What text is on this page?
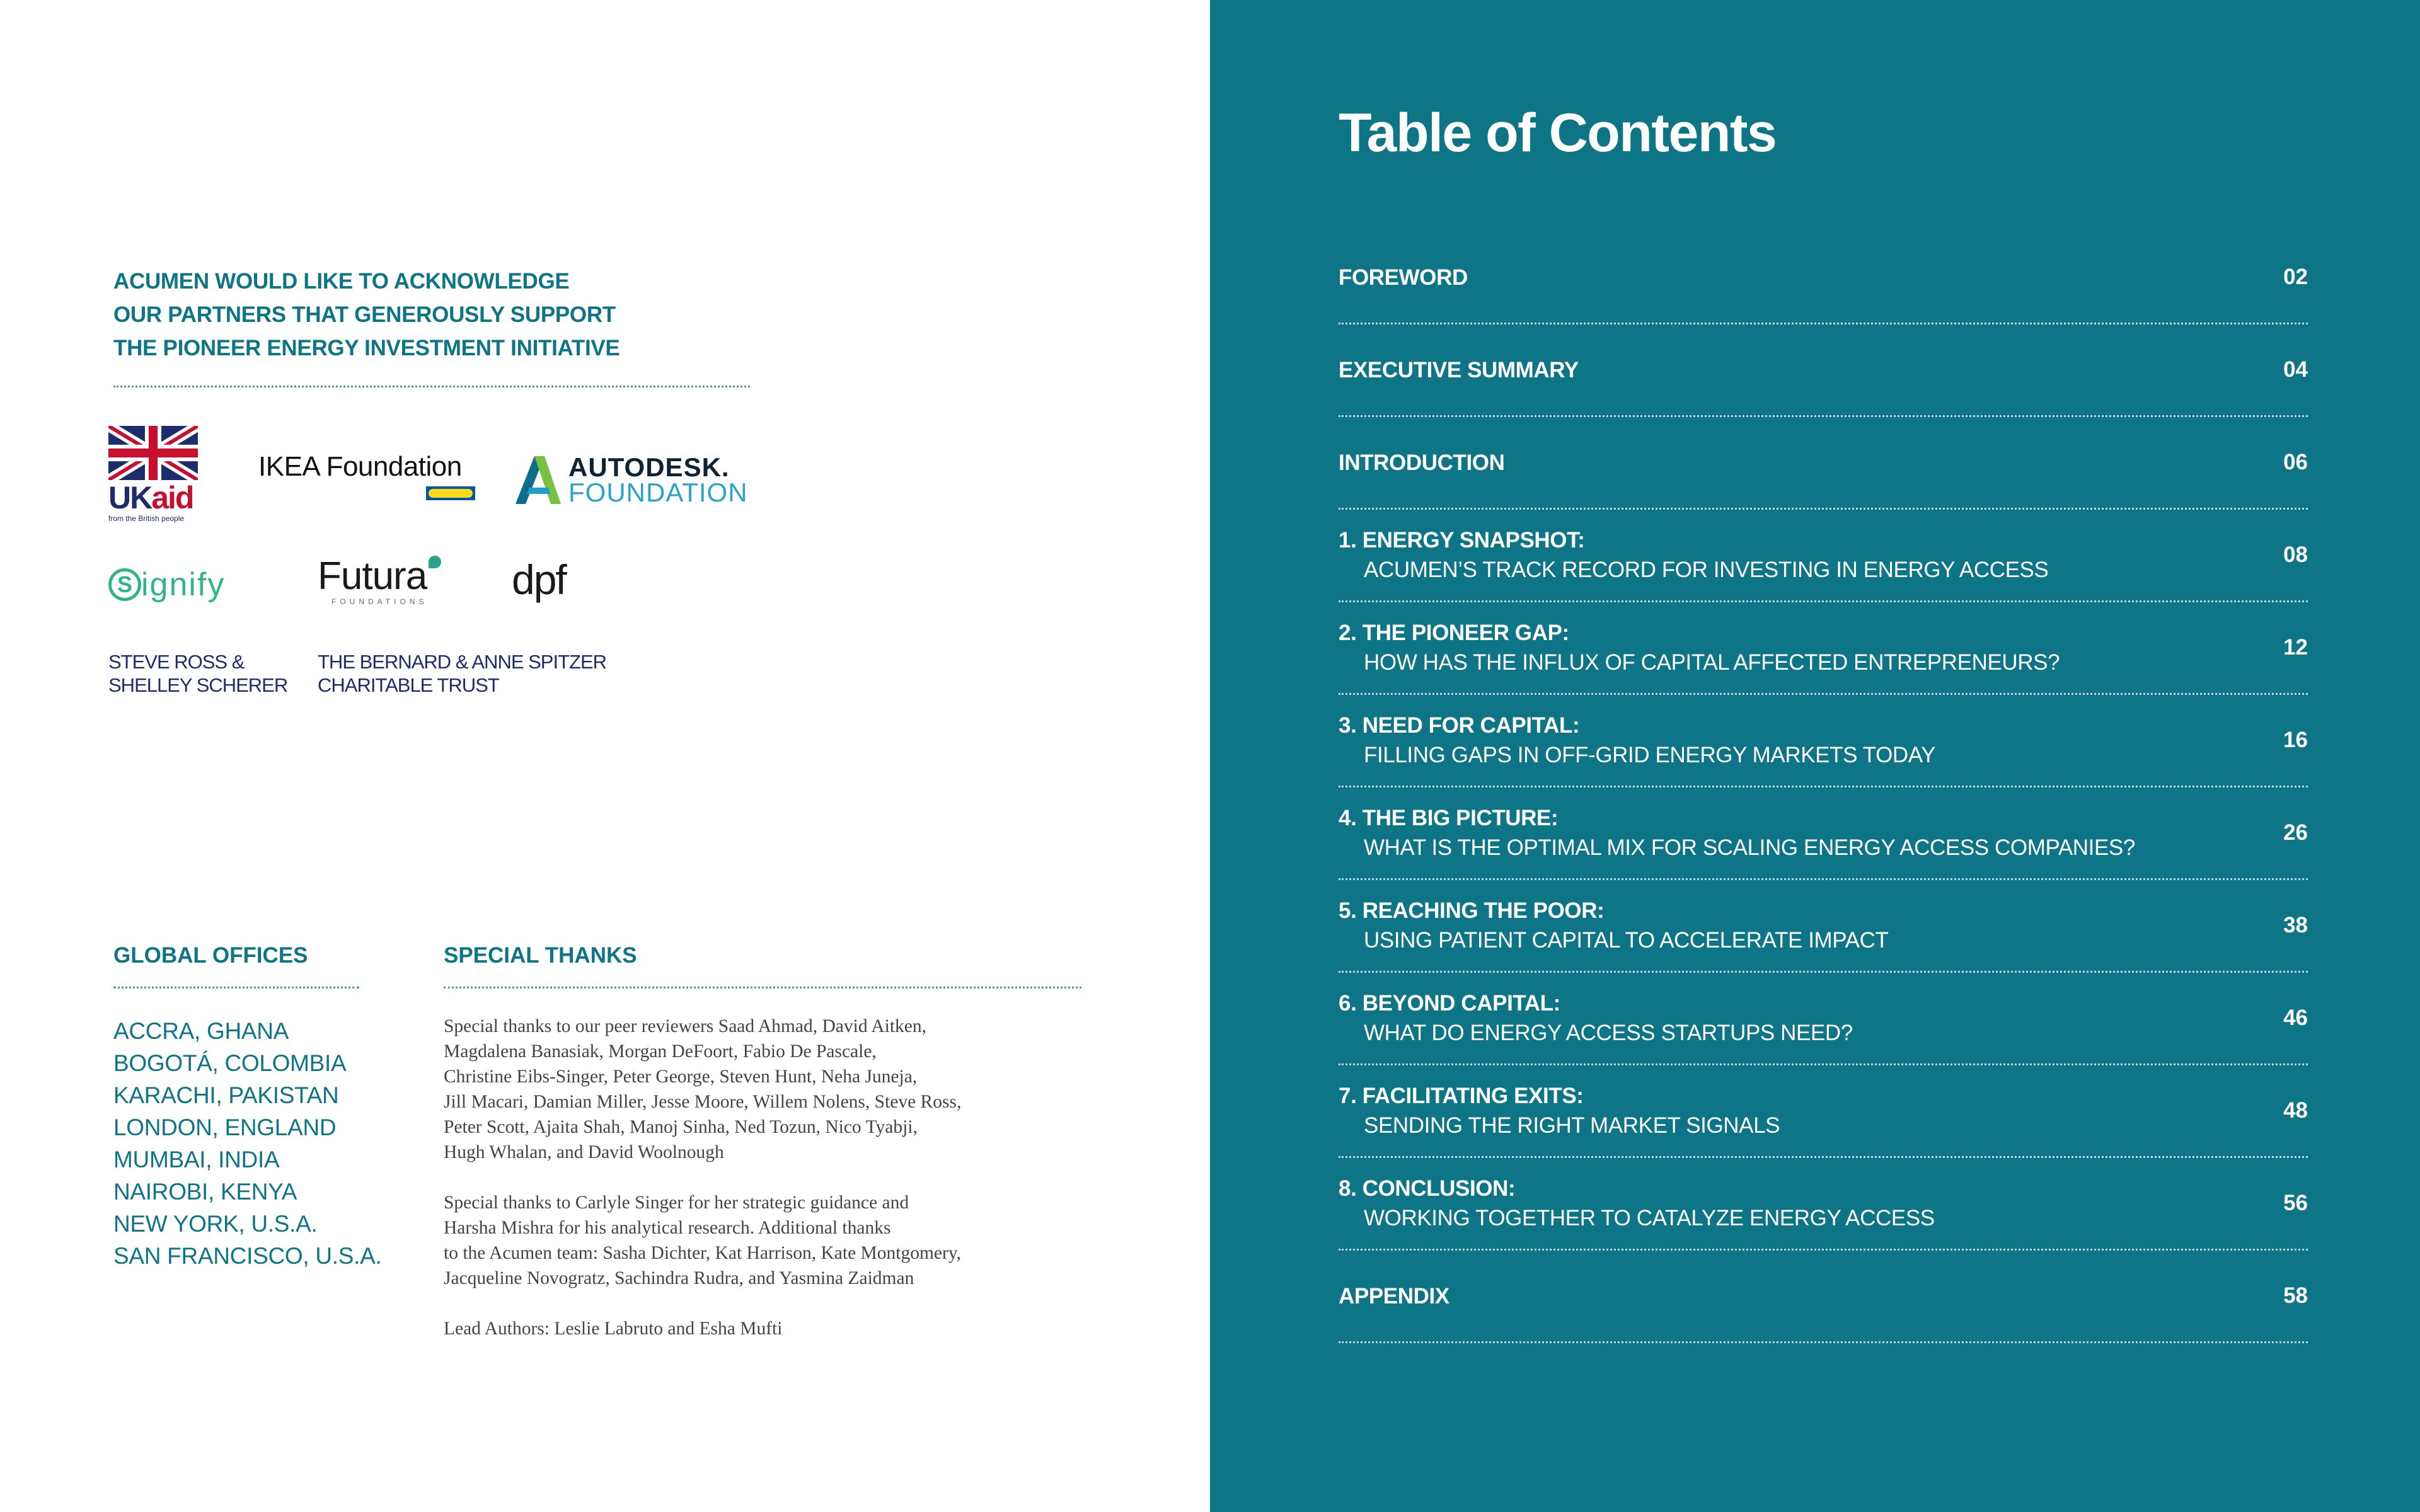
ACUMEN WOULD LIKE TO ACKNOWLEDGE
OUR PARTNERS THAT GENEROUSLY SUPPORT
THE PIONEER ENERGY INVESTMENT INITIATIVE
UKaid
from the British people
IKEA Foundation	AUTODESK.
FOUNDATION
S ignify Futura
FOUNDATIONS dpf
STEVE ROSS &
SHELLEY SCHERER
THE BERNARD & ANNE SPITZER
CHARITABLE TRUST
GLOBAL OFFICES
ACCRA, GHANA
BOGOTÁ, COLOMBIA
KARACHI, PAKISTAN
LONDON, ENGLAND
MUMBAI, INDIA
NAIROBI, KENYA
NEW YORK, U.S.A.
SAN FRANCISCO, U.S.A.
SPECIAL THANKS

Special thanks to our peer reviewers Saad Ahmad, David Aitken,
Magdalena Banasiak, Morgan DeFoort, Fabio De Pascale,
Christine Eibs-Singer, Peter George, Steven Hunt, Neha Juneja,
Jill Macari, Damian Miller, Jesse Moore, Willem Nolens, Steve Ross,
Peter Scott, Ajaita Shah, Manoj Sinha, Ned Tozun, Nico Tyabji,
Hugh Whalan, and David Woolnough

Special thanks to Carlyle Singer for her strategic guidance and
Harsha Mishra for his analytical research. Additional thanks
to the Acumen team: Sasha Dichter, Kat Harrison, Kate Montgomery,
Jacqueline Novogratz, Sachindra Rudra, and Yasmina Zaidman

Lead Authors: Leslie Labruto and Esha Mufti

Table of Contents
FOREWORD	02
EXECUTIVE SUMMARY	04
INTRODUCTION	06
1. ENERGY SNAPSHOT:
ACUMEN’S TRACK RECORD FOR INVESTING IN ENERGY ACCESS
08
2. THE PIONEER GAP:
HOW HAS THE INFLUX OF CAPITAL AFFECTED ENTREPRENEURS?
12
3. NEED FOR CAPITAL:
FILLING GAPS IN OFF-GRID ENERGY MARKETS TODAY
16
4. THE BIG PICTURE:
WHAT IS THE OPTIMAL MIX FOR SCALING ENERGY ACCESS COMPANIES?
26
5. REACHING THE POOR:
USING PATIENT CAPITAL TO ACCELERATE IMPACT
38
6. BEYOND CAPITAL:
WHAT DO ENERGY ACCESS STARTUPS NEED?
46
7. FACILITATING EXITS:
SENDING THE RIGHT MARKET SIGNALS
48
8. CONCLUSION:
WORKING TOGETHER TO CATALYZE ENERGY ACCESS
56
APPENDIX	58
